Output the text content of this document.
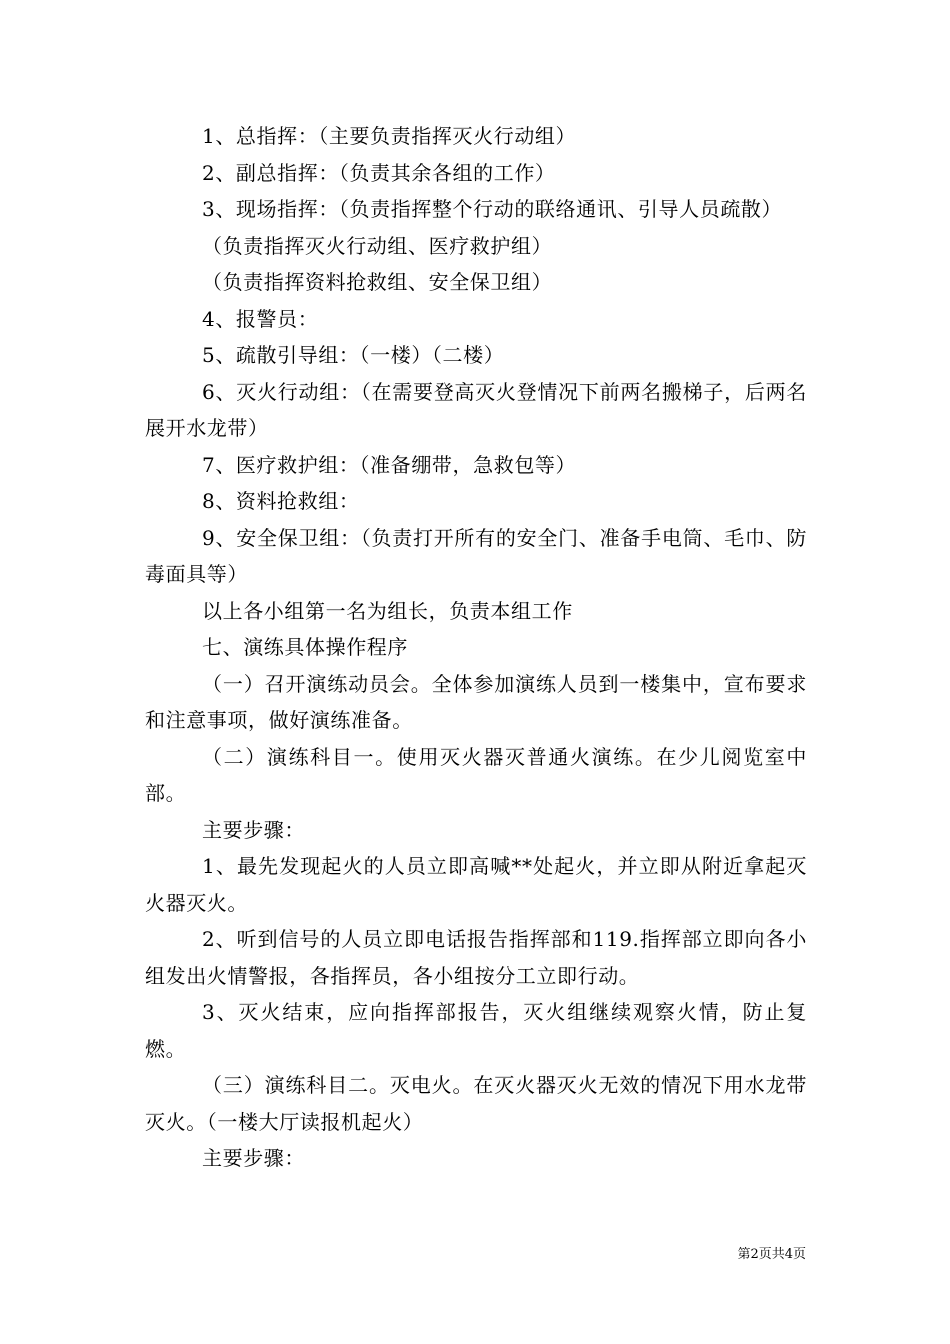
1、总指挥：（主要负责指挥灭火行动组）

2、副总指挥：（负责其余各组的工作）

3、现场指挥：（负责指挥整个行动的联络通讯、引导人员疏散）

（负责指挥灭火行动组、医疗救护组）

（负责指挥资料抢救组、安全保卫组）

4、报警员：

5、疏散引导组：（一楼）（二楼）

6、灭火行动组：（在需要登高灭火登情况下前两名搬梯子，后两名展开水龙带）

7、医疗救护组：（准备绷带，急救包等）

8、资料抢救组：

9、安全保卫组：（负责打开所有的安全门、准备手电筒、毛巾、防毒面具等）

以上各小组第一名为组长，负责本组工作

七、演练具体操作程序

（一）召开演练动员会。全体参加演练人员到一楼集中，宣布要求和注意事项，做好演练准备。

（二）演练科目一。使用灭火器灭普通火演练。在少儿阅览室中部。

主要步骤：

1、最先发现起火的人员立即高喊**处起火，并立即从附近拿起灭火器灭火。

2、听到信号的人员立即电话报告指挥部和119.指挥部立即向各小组发出火情警报，各指挥员，各小组按分工立即行动。

3、灭火结束，应向指挥部报告，灭火组继续观察火情，防止复燃。

（三）演练科目二。灭电火。在灭火器灭火无效的情况下用水龙带灭火。（一楼大厅读报机起火）

主要步骤：

第2页共4页
